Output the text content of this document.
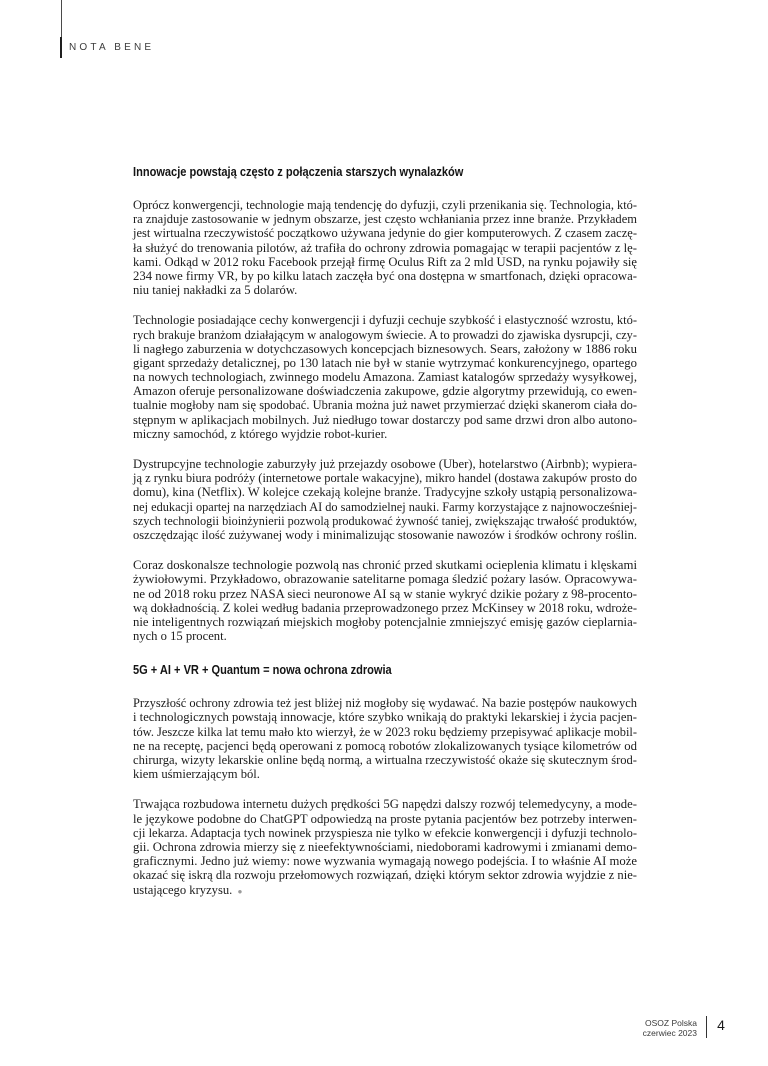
NOTA BENE
Innowacje powstają często z połączenia starszych wynalazków
Oprócz konwergencji, technologie mają tendencję do dyfuzji, czyli przenikania się. Technologia, któ-
ra znajduje zastosowanie w jednym obszarze, jest często wchłaniania przez inne branże. Przykładem
jest wirtualna rzeczywistość początkowo używana jedynie do gier komputerowych. Z czasem zaczę-
ła służyć do trenowania pilotów, aż trafiła do ochrony zdrowia pomagając w terapii pacjentów z lę-
kami. Odkąd w 2012 roku Facebook przejął firmę Oculus Rift za 2 mld USD, na rynku pojawiły się
234 nowe firmy VR, by po kilku latach zaczęła być ona dostępna w smartfonach, dzięki opracowa-
niu taniej nakładki za 5 dolarów.
Technologie posiadające cechy konwergencji i dyfuzji cechuje szybkość i elastyczność wzrostu, któ-
rych brakuje branżom działającym w analogowym świecie. A to prowadzi do zjawiska dysrupcji, czy-
li nagłego zaburzenia w dotychczasowych koncepcjach biznesowych. Sears, założony w 1886 roku
gigant sprzedaży detalicznej, po 130 latach nie był w stanie wytrzymać konkurencyjnego, opartego
na nowych technologiach, zwinnego modelu Amazona. Zamiast katalogów sprzedaży wysyłkowej,
Amazon oferuje personalizowane doświadczenia zakupowe, gdzie algorytmy przewidują, co ewen-
tualnie mogłoby nam się spodobać. Ubrania można już nawet przymierzać dzięki skanerom ciała do-
stępnym w aplikacjach mobilnych. Już niedługo towar dostarczy pod same drzwi dron albo autono-
miczny samochód, z którego wyjdzie robot-kurier.
Dystrupcyjne technologie zaburzyły już przejazdy osobowe (Uber), hotelarstwo (Airbnb); wypiera-
ją z rynku biura podróży (internetowe portale wakacyjne), mikro handel (dostawa zakupów prosto do
domu), kina (Netflix). W kolejce czekają kolejne branże. Tradycyjne szkoły ustąpią personalizowa-
nej edukacji opartej na narzędziach AI do samodzielnej nauki. Farmy korzystające z najnowocześniej-
szych technologii bioinżynierii pozwolą produkować żywność taniej, zwiększając trwałość produktów,
oszczędzając ilość zużywanej wody i minimalizując stosowanie nawozów i środków ochrony roślin.
Coraz doskonalsze technologie pozwolą nas chronić przed skutkami ocieplenia klimatu i klęskami
żywiołowymi. Przykładowo, obrazowanie satelitarne pomaga śledzić pożary lasów. Opracowywa-
ne od 2018 roku przez NASA sieci neuronowe AI są w stanie wykryć dzikie pożary z 98-procento-
wą dokładnością. Z kolei według badania przeprowadzonego przez McKinsey w 2018 roku, wdroże-
nie inteligentnych rozwiązań miejskich mogłoby potencjalnie zmniejszyć emisję gazów cieplarnia-
nych o 15 procent.
5G + AI + VR + Quantum = nowa ochrona zdrowia
Przyszłość ochrony zdrowia też jest bliżej niż mogłoby się wydawać. Na bazie postępów naukowych
i technologicznych powstają innowacje, które szybko wnikają do praktyki lekarskiej i życia pacjen-
tów. Jeszcze kilka lat temu mało kto wierzył, że w 2023 roku będziemy przepisywać aplikacje mobil-
ne na receptę, pacjenci będą operowani z pomocą robotów zlokalizowanych tysiące kilometrów od
chirurga, wizyty lekarskie online będą normą, a wirtualna rzeczywistość okaże się skutecznym środ-
kiem uśmierzającym ból.
Trwająca rozbudowa internetu dużych prędkości 5G napędzi dalszy rozwój telemedycyny, a mode-
le językowe podobne do ChatGPT odpowiedzą na proste pytania pacjentów bez potrzeby interwen-
cji lekarza. Adaptacja tych nowinek przyspiesza nie tylko w efekcie konwergencji i dyfuzji technolo-
gii. Ochrona zdrowia mierzy się z nieefektywnościami, niedoborami kadrowymi i zmianami demo-
graficznymi. Jedno już wiemy: nowe wyzwania wymagają nowego podejścia. I to właśnie AI może
okazać się iskrą dla rozwoju przełomowych rozwiązań, dzięki którym sektor zdrowia wyjdzie z nie-
ustającego kryzysu. ●
OSOZ Polska
czerwiec 2023	4
